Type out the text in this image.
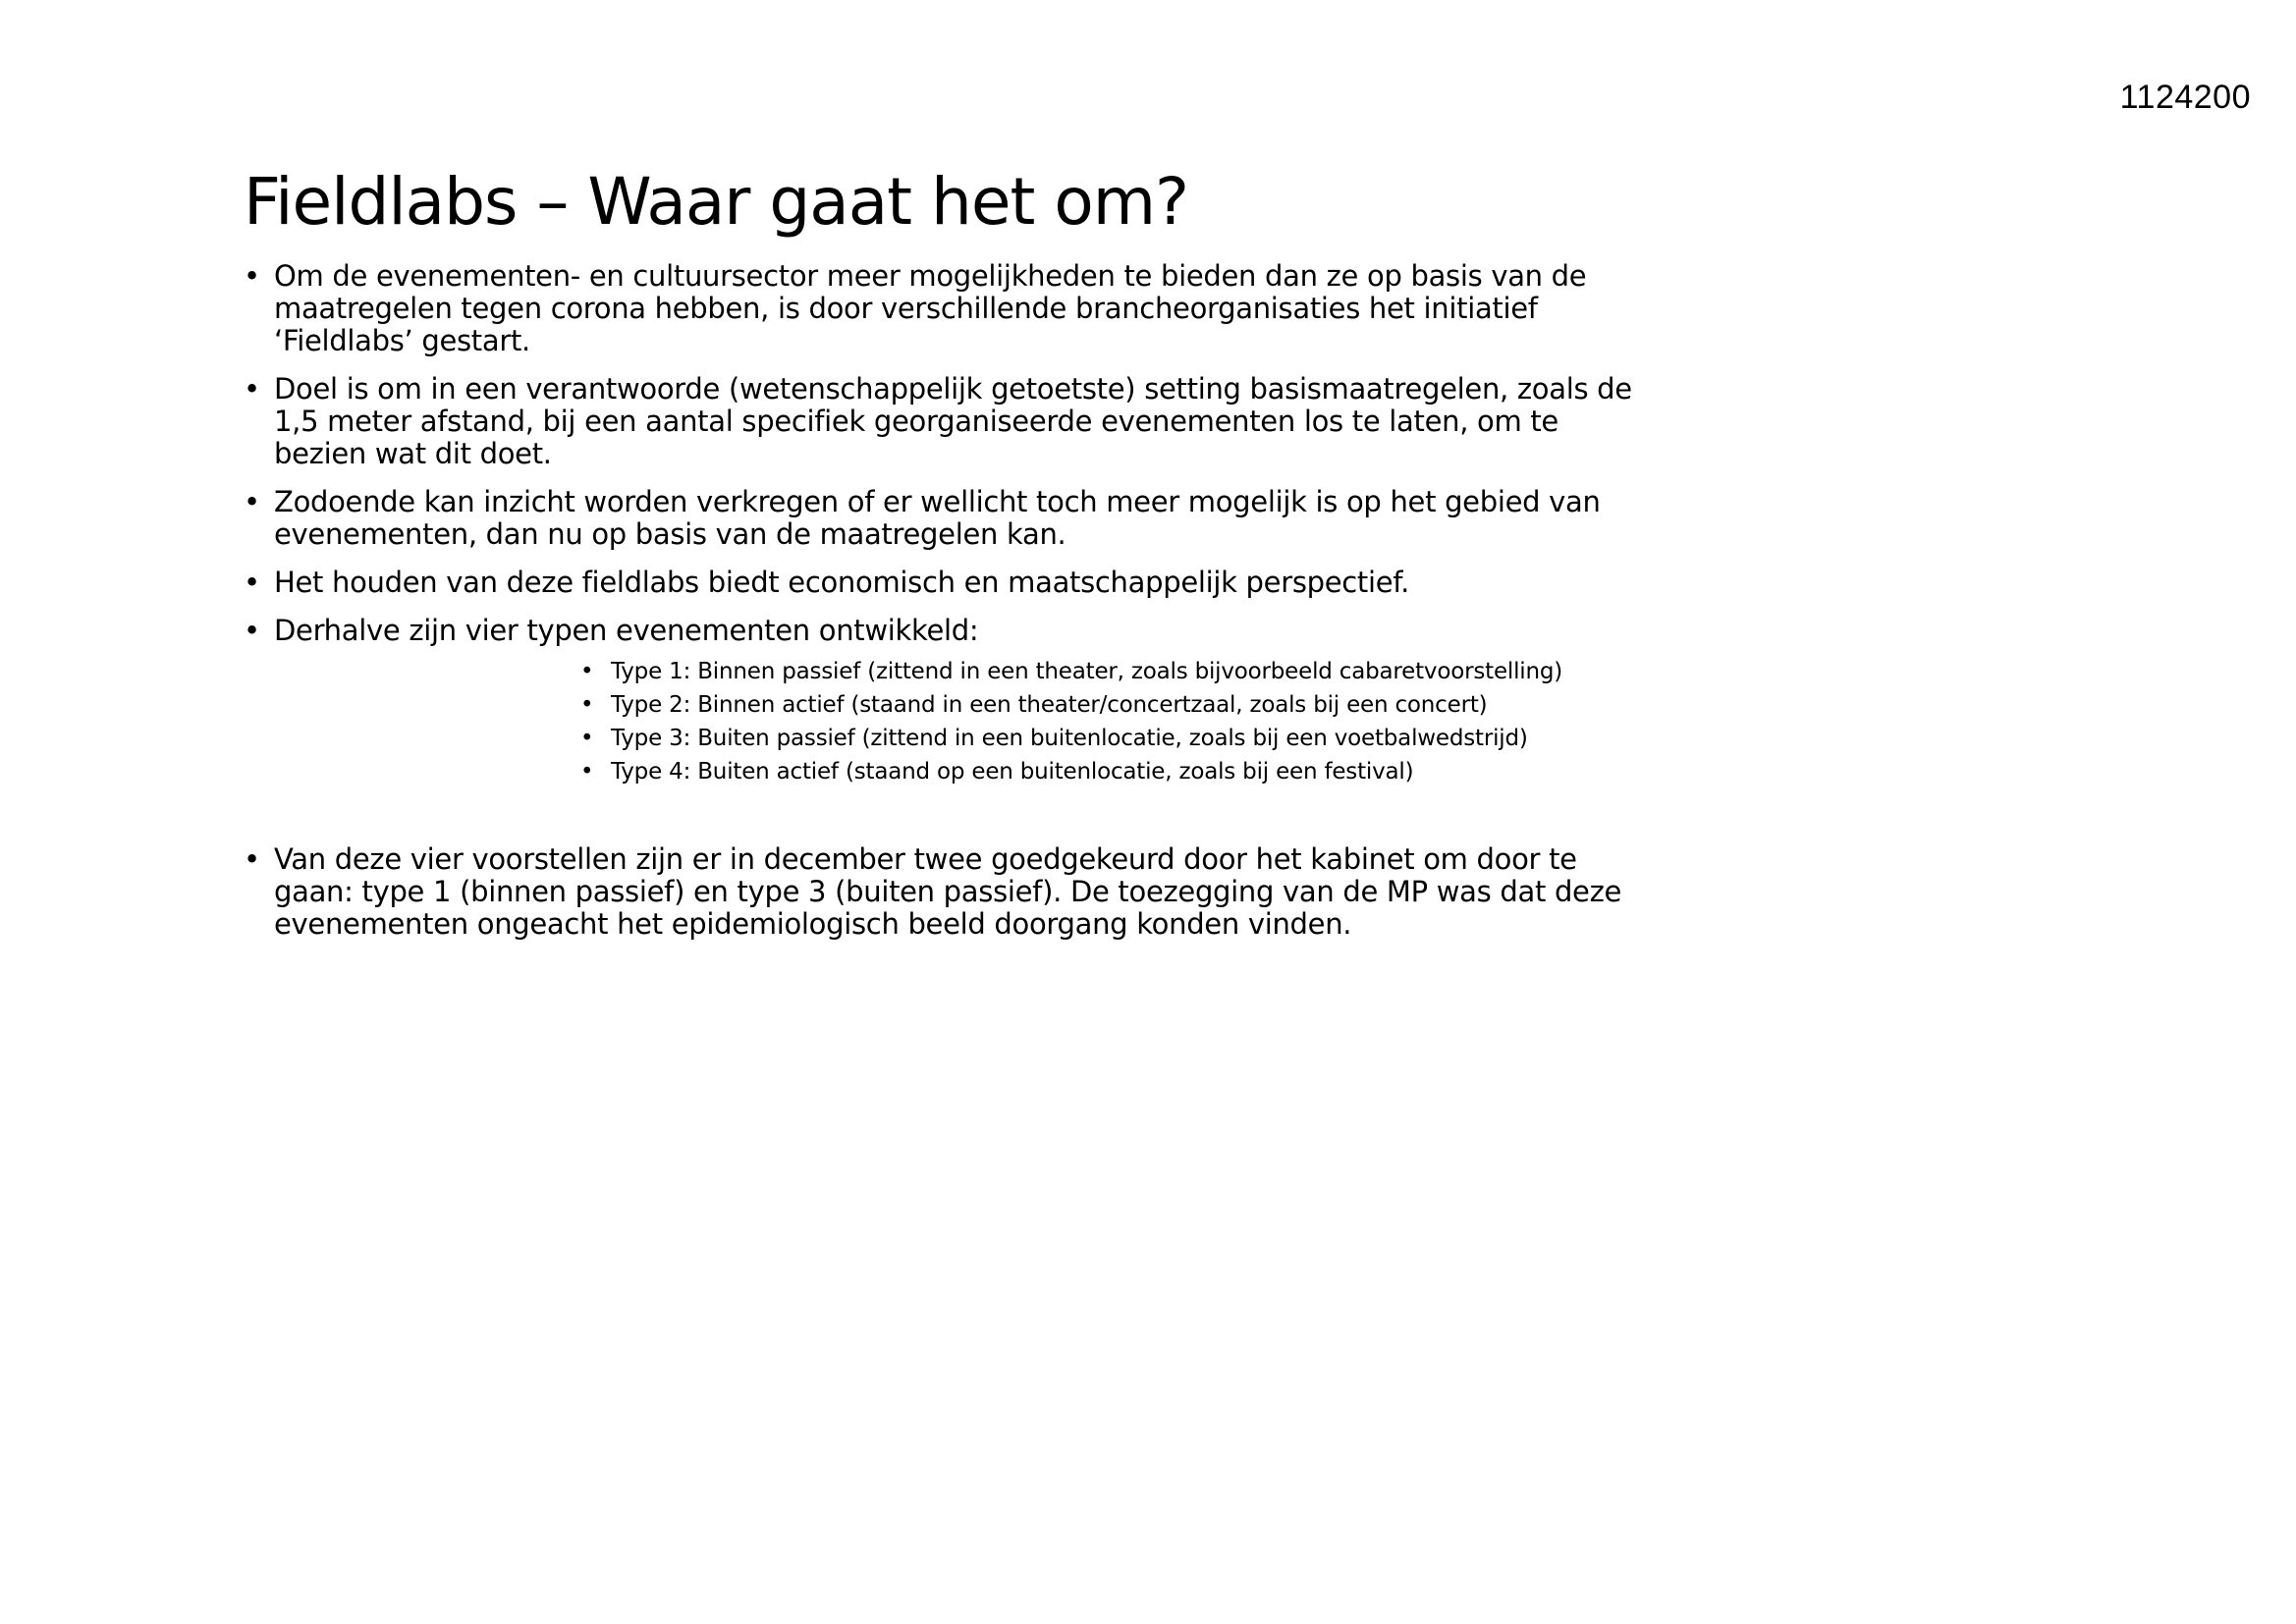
1124200
Fieldlabs – Waar gaat het om?
• Om de evenementen- en cultuursector meer mogelijkheden te bieden dan ze op basis van de maatregelen tegen corona hebben, is door verschillende brancheorganisaties het initiatief ‘Fieldlabs’ gestart.
• Doel is om in een verantwoorde (wetenschappelijk getoetste) setting basismaatregelen, zoals de 1,5 meter afstand, bij een aantal specifiek georganiseerde evenementen los te laten, om te bezien wat dit doet.
• Zodoende kan inzicht worden verkregen of er wellicht toch meer mogelijk is op het gebied van evenementen, dan nu op basis van de maatregelen kan.
• Het houden van deze fieldlabs biedt economisch en maatschappelijk perspectief.
• Derhalve zijn vier typen evenementen ontwikkeld:
• Type 1: Binnen passief (zittend in een theater, zoals bijvoorbeeld cabaretvoorstelling)
• Type 2: Binnen actief (staand in een theater/concertzaal, zoals bij een concert)
• Type 3: Buiten passief (zittend in een buitenlocatie, zoals bij een voetbalwedstrijd)
• Type 4: Buiten actief (staand op een buitenlocatie, zoals bij een festival)
• Van deze vier voorstellen zijn er in december twee goedgekeurd door het kabinet om door te gaan: type 1 (binnen passief) en type 3 (buiten passief). De toezegging van de MP was dat deze evenementen ongeacht het epidemiologisch beeld doorgang konden vinden.
